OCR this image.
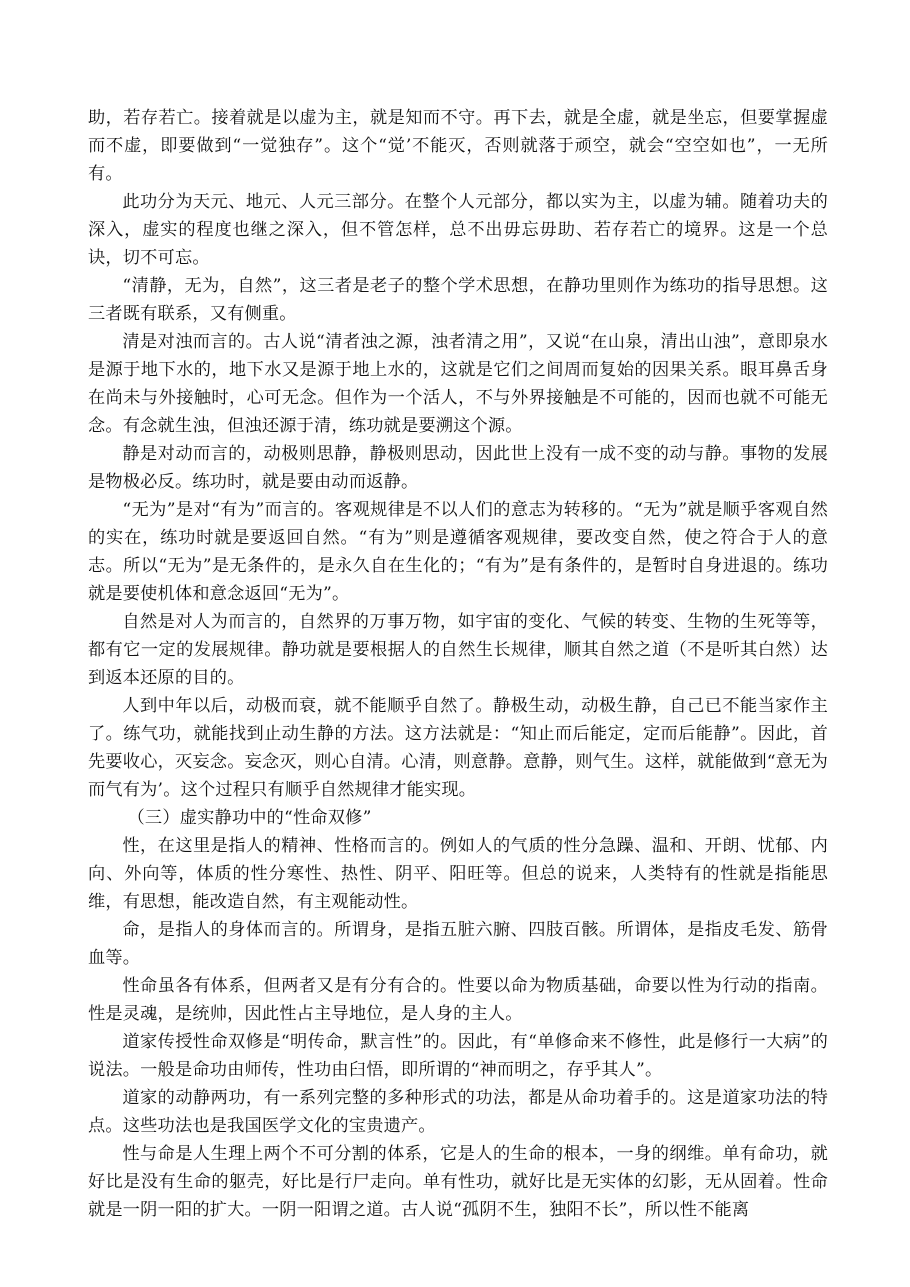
助，若存若亡。接着就是以虚为主，就是知而不守。再下去，就是全虚，就是坐忘，但要掌握虚而不虚，即要做到“一觉独存”。这个“觉’不能灭，否则就落于顽空，就会“空空如也”，一无所有。

此功分为天元、地元、人元三部分。在整个人元部分，都以实为主，以虚为辅。随着功夫的深入，虚实的程度也继之深入，但不管怎样，总不出毋忘毋助、若存若亡的境界。这是一个总诀，切不可忘。

“清静，无为，自然”，这三者是老子的整个学术思想，在静功里则作为练功的指导思想。这三者既有联系，又有侧重。

清是对浊而言的。古人说“清者浊之源，浊者清之用”，又说“在山泉，清出山浊”，意即泉水是源于地下水的，地下水又是源于地上水的，这就是它们之间周而复始的因果关系。眼耳鼻舌身在尚未与外接触时，心可无念。但作为一个活人，不与外界接触是不可能的，因而也就不可能无念。有念就生浊，但浊还源于清，练功就是要溯这个源。

静是对动而言的，动极则思静，静极则思动，因此世上没有一成不变的动与静。事物的发展是物极必反。练功时，就是要由动而返静。

“无为”是对“有为”而言的。客观规律是不以人们的意志为转移的。“无为”就是顺乎客观自然的实在，练功时就是要返回自然。“有为”则是遵循客观规律，要改变自然，使之符合于人的意志。所以“无为”是无条件的，是永久自在生化的；“有为”是有条件的，是暂时自身进退的。练功就是要使机体和意念返回“无为”。

自然是对人为而言的，自然界的万事万物，如宇宙的变化、气候的转变、生物的生死等等，都有它一定的发展规律。静功就是要根据人的自然生长规律，顺其自然之道（不是听其白然）达到返本还原的目的。

人到中年以后，动极而衰，就不能顺乎自然了。静极生动，动极生静，自己已不能当家作主了。练气功，就能找到止动生静的方法。这方法就是：“知止而后能定，定而后能静”。因此，首先要收心，灭妄念。妄念灭，则心自清。心清，则意静。意静，则气生。这样，就能做到“意无为而气有为’。这个过程只有顺乎自然规律才能实现。

（三）虚实静功中的“性命双修”

性，在这里是指人的精神、性格而言的。例如人的气质的性分急躁、温和、开朗、忧郁、内向、外向等，体质的性分寒性、热性、阴平、阳旺等。但总的说来，人类特有的性就是指能思维，有思想，能改造自然，有主观能动性。

命，是指人的身体而言的。所谓身，是指五脏六腑、四肢百骸。所谓体，是指皮毛发、筋骨血等。

性命虽各有体系，但两者又是有分有合的。性要以命为物质基础，命要以性为行动的指南。性是灵魂，是统帅，因此性占主导地位，是人身的主人。

道家传授性命双修是“明传命，默言性”的。因此，有“单修命来不修性，此是修行一大病”的说法。一般是命功由师传，性功由臼悟，即所谓的“神而明之，存乎其人”。

道家的动静两功，有一系列完整的多种形式的功法，都是从命功着手的。这是道家功法的特点。这些功法也是我国医学文化的宝贵遗产。

性与命是人生理上两个不可分割的体系，它是人的生命的根本，一身的纲维。单有命功，就好比是没有生命的躯壳，好比是行尸走向。单有性功，就好比是无实体的幻影，无从固着。性命就是一阴一阳的扩大。一阴一阳谓之道。古人说“孤阴不生，独阳不长”，所以性不能离
